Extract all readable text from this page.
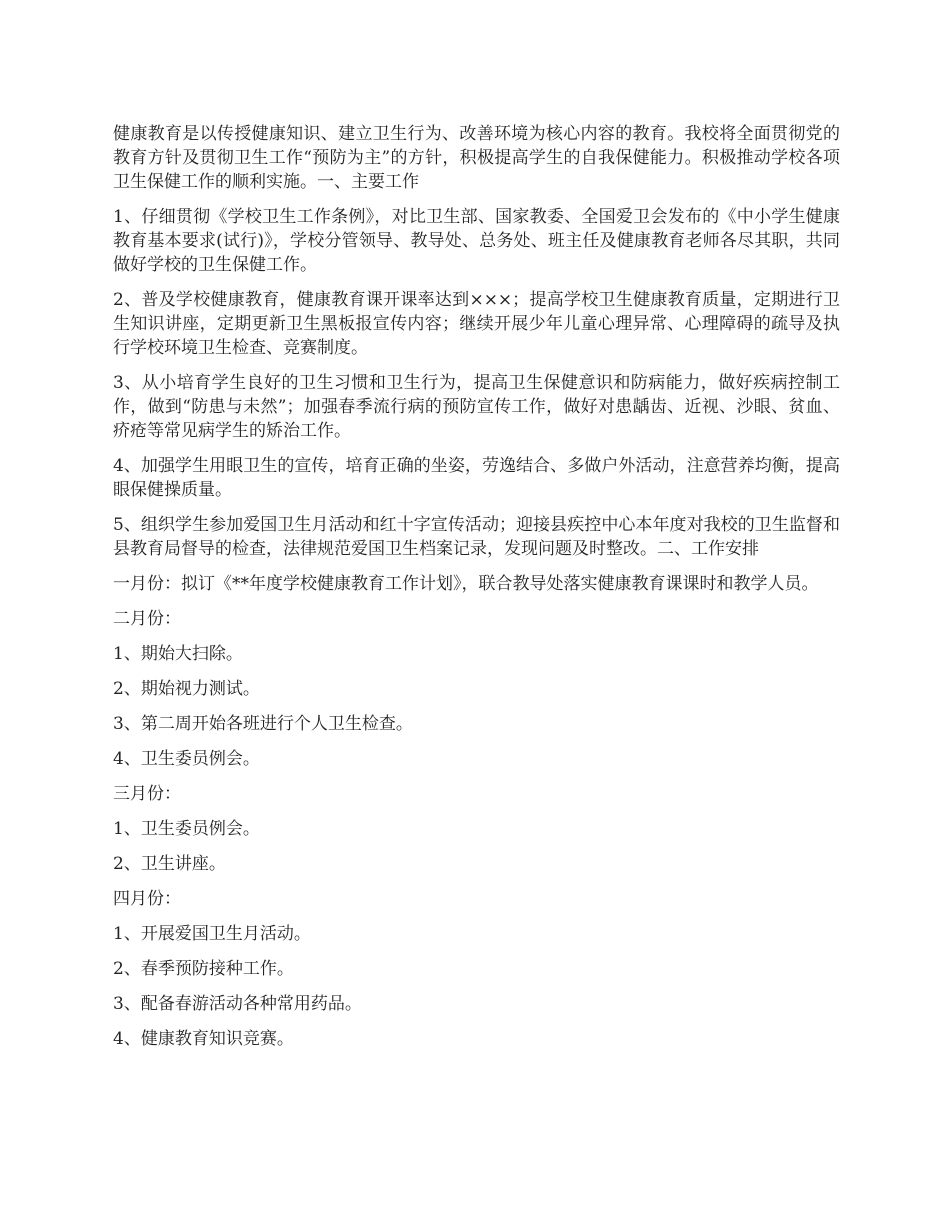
健康教育是以传授健康知识、建立卫生行为、改善环境为核心内容的教育。我校将全面贯彻党的教育方针及贯彻卫生工作“预防为主”的方针，积极提高学生的自我保健能力。积极推动学校各项卫生保健工作的顺利实施。一、主要工作

1、仔细贯彻《学校卫生工作条例》，对比卫生部、国家教委、全国爱卫会发布的《中小学生健康教育基本要求(试行)》，学校分管领导、教导处、总务处、班主任及健康教育老师各尽其职，共同做好学校的卫生保健工作。

2、普及学校健康教育，健康教育课开课率达到×××；提高学校卫生健康教育质量，定期进行卫生知识讲座，定期更新卫生黑板报宣传内容；继续开展少年儿童心理异常、心理障碍的疏导及执行学校环境卫生检查、竞赛制度。

3、从小培育学生良好的卫生习惯和卫生行为，提高卫生保健意识和防病能力，做好疾病控制工作，做到“防患与未然”；加强春季流行病的预防宣传工作，做好对患龋齿、近视、沙眼、贫血、疥疮等常见病学生的矫治工作。

4、加强学生用眼卫生的宣传，培育正确的坐姿，劳逸结合、多做户外活动，注意营养均衡，提高眼保健操质量。

5、组织学生参加爱国卫生月活动和红十字宣传活动；迎接县疾控中心本年度对我校的卫生监督和县教育局督导的检查，法律规范爱国卫生档案记录，发现问题及时整改。二、工作安排

一月份：拟订《**年度学校健康教育工作计划》，联合教导处落实健康教育课课时和教学人员。

二月份：

1、期始大扫除。

2、期始视力测试。

3、第二周开始各班进行个人卫生检查。

4、卫生委员例会。

三月份：

1、卫生委员例会。

2、卫生讲座。

四月份：

1、开展爱国卫生月活动。

2、春季预防接种工作。

3、配备春游活动各种常用药品。

4、健康教育知识竞赛。
